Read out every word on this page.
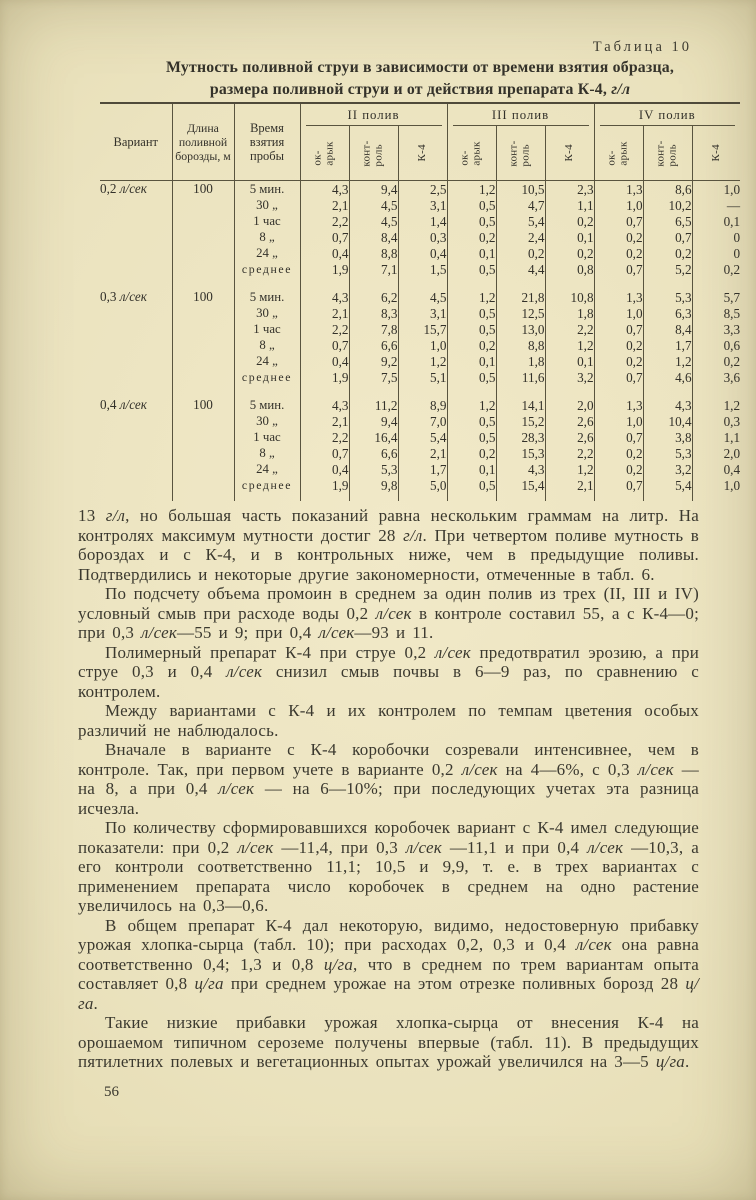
Таблица 10
Мутность поливной струи в зависимости от времени взятия образца,
размера поливной струи и от действия препарата К-4, г/л
Вариант	Длина поливной борозды, м	Время взятия пробы	II полив			III полив			IV полив		

			ок- арык	конт- роль	К-4	ок- арык	конт- роль	К-4	ок- арык	конт- роль	К-4

0,2 л/сек	100	5 мин.	4,3	9,4	2,5	1,2	10,5	2,3	1,3	8,6	1,0
		30 „	2,1	4,5	3,1	0,5	4,7	1,1	1,0	10,2	—
		1 час	2,2	4,5	1,4	0,5	5,4	0,2	0,7	6,5	0,1
		8 „	0,7	8,4	0,3	0,2	2,4	0,1	0,2	0,7	0
		24 „	0,4	8,8	0,4	0,1	0,2	0,2	0,2	0,2	0
		среднее	1,9	7,1	1,5	0,5	4,4	0,8	0,7	5,2	0,2

0,3 л/сек	100	5 мин.	4,3	6,2	4,5	1,2	21,8	10,8	1,3	5,3	5,7
		30 „	2,1	8,3	3,1	0,5	12,5	1,8	1,0	6,3	8,5
		1 час	2,2	7,8	15,7	0,5	13,0	2,2	0,7	8,4	3,3
		8 „	0,7	6,6	1,0	0,2	8,8	1,2	0,2	1,7	0,6
		24 „	0,4	9,2	1,2	0,1	1,8	0,1	0,2	1,2	0,2
		среднее	1,9	7,5	5,1	0,5	11,6	3,2	0,7	4,6	3,6

0,4 л/сек	100	5 мин.	4,3	11,2	8,9	1,2	14,1	2,0	1,3	4,3	1,2
		30 „	2,1	9,4	7,0	0,5	15,2	2,6	1,0	10,4	0,3
		1 час	2,2	16,4	5,4	0,5	28,3	2,6	0,7	3,8	1,1
		8 „	0,7	6,6	2,1	0,2	15,3	2,2	0,2	5,3	2,0
		24 „	0,4	5,3	1,7	0,1	4,3	1,2	0,2	3,2	0,4
		среднее	1,9	9,8	5,0	0,5	15,4	2,1	0,7	5,4	1,0

13 г/л, но большая часть показаний равна нескольким граммам на литр. На контролях максимум мутности достиг 28 г/л. При четвертом поливе мутность в бороздах и с К-4, и в контрольных ниже, чем в предыдущие поливы. Подтвердились и некоторые другие закономерности, отмеченные в табл. 6.

По подсчету объема промоин в среднем за один полив из трех (II, III и IV) условный смыв при расходе воды 0,2 л/сек в контроле составил 55, а с К-4—0; при 0,3 л/сек—55 и 9; при 0,4 л/сек—93 и 11.

Полимерный препарат К-4 при струе 0,2 л/сек предотвратил эрозию, а при струе 0,3 и 0,4 л/сек снизил смыв почвы в 6—9 раз, по сравнению с контролем.

Между вариантами с К-4 и их контролем по темпам цветения особых различий не наблюдалось.

Вначале в варианте с К-4 коробочки созревали интенсивнее, чем в контроле. Так, при первом учете в варианте 0,2 л/сек на 4—6%, с 0,3 л/сек — на 8, а при 0,4 л/сек — на 6—10%; при последующих учетах эта разница исчезла.

По количеству сформировавшихся коробочек вариант с К-4 имел следующие показатели: при 0,2 л/сек —11,4, при 0,3 л/сек —11,1 и при 0,4 л/сек —10,3, а его контроли соответственно 11,1; 10,5 и 9,9, т. е. в трех вариантах с применением препарата число коробочек в среднем на одно растение увеличилось на 0,3—0,6.

В общем препарат К-4 дал некоторую, видимо, недостоверную прибавку урожая хлопка-сырца (табл. 10); при расходах 0,2, 0,3 и 0,4 л/сек она равна соответственно 0,4; 1,3 и 0,8 ц/га, что в среднем по трем вариантам опыта составляет 0,8 ц/га при среднем урожае на этом отрезке поливных борозд 28 ц/га.

Такие низкие прибавки урожая хлопка-сырца от внесения К-4 на орошаемом типичном сероземе получены впервые (табл. 11). В предыдущих пятилетних полевых и вегетационных опытах урожай увеличился на 3—5 ц/га.

56
